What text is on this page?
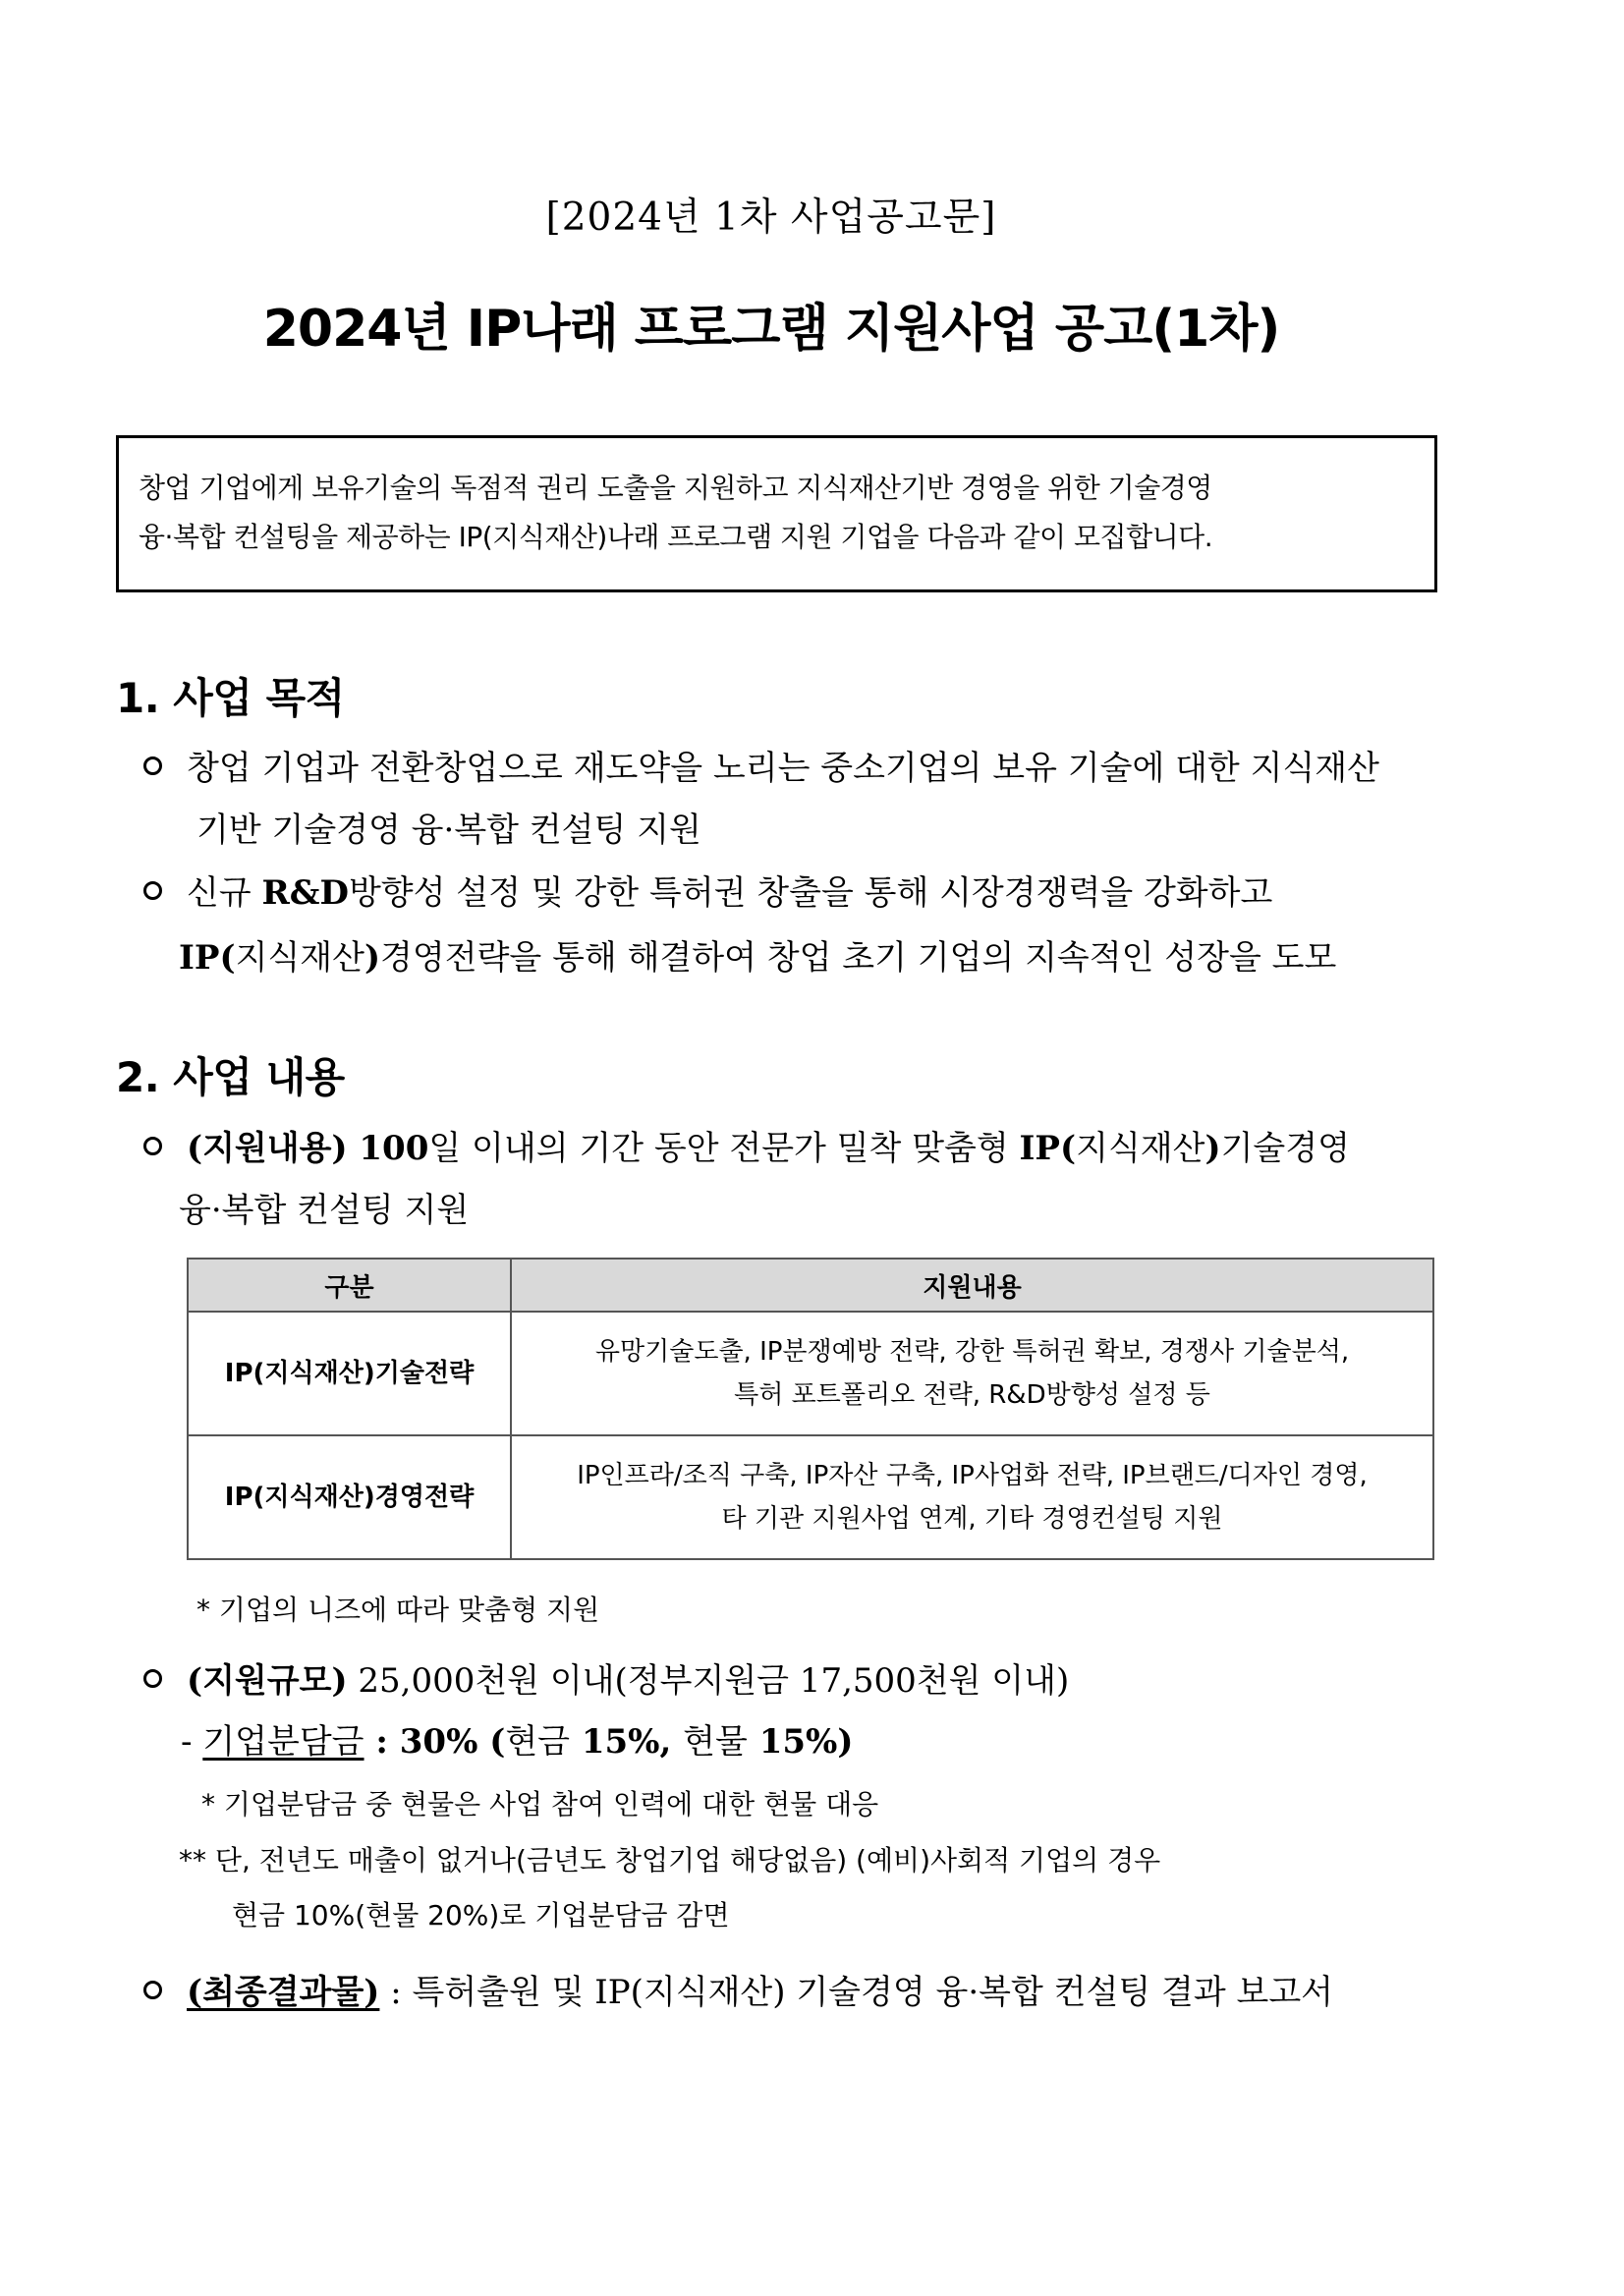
[2024년 1차 사업공고문]
2024년 IP나래 프로그램 지원사업 공고(1차)

창업 기업에게 보유기술의 독점적 권리 도출을 지원하고 지식재산기반 경영을 위한 기술경영

융·복합 컨설팅을 제공하는 IP(지식재산)나래 프로그램 지원 기업을 다음과 같이 모집합니다.

1. 사업 목적
창업 기업과 전환창업으로 재도약을 노리는 중소기업의 보유 기술에 대한 지식재산
기반 기술경영 융·복합 컨설팅 지원
신규 R&D방향성 설정 및 강한 특허권 창출을 통해 시장경쟁력을 강화하고
IP(지식재산)경영전략을 통해 해결하여 창업 초기 기업의 지속적인 성장을 도모
2. 사업 내용
(지원내용) 100일 이내의 기간 동안 전문가 밀착 맞춤형 IP(지식재산)기술경영
융·복합 컨설팅 지원
구분	지원내용
IP(지식재산)기술전략	유망기술도출, IP분쟁예방 전략, 강한 특허권 확보, 경쟁사 기술분석,
특허 포트폴리오 전략, R&D방향성 설정 등

IP(지식재산)경영전략	IP인프라/조직 구축, IP자산 구축, IP사업화 전략, IP브랜드/디자인 경영,
타 기관 지원사업 연계, 기타 경영컨설팅 지원
* 기업의 니즈에 따라 맞춤형 지원
(지원규모) 25,000천원 이내(정부지원금 17,500천원 이내)
- 기업분담금 : 30% (현금 15%, 현물 15%)
* 기업분담금 중 현물은 사업 참여 인력에 대한 현물 대응
** 단, 전년도 매출이 없거나(금년도 창업기업 해당없음) (예비)사회적 기업의 경우
현금 10%(현물 20%)로 기업분담금 감면
(최종결과물) : 특허출원 및 IP(지식재산) 기술경영 융·복합 컨설팅 결과 보고서
